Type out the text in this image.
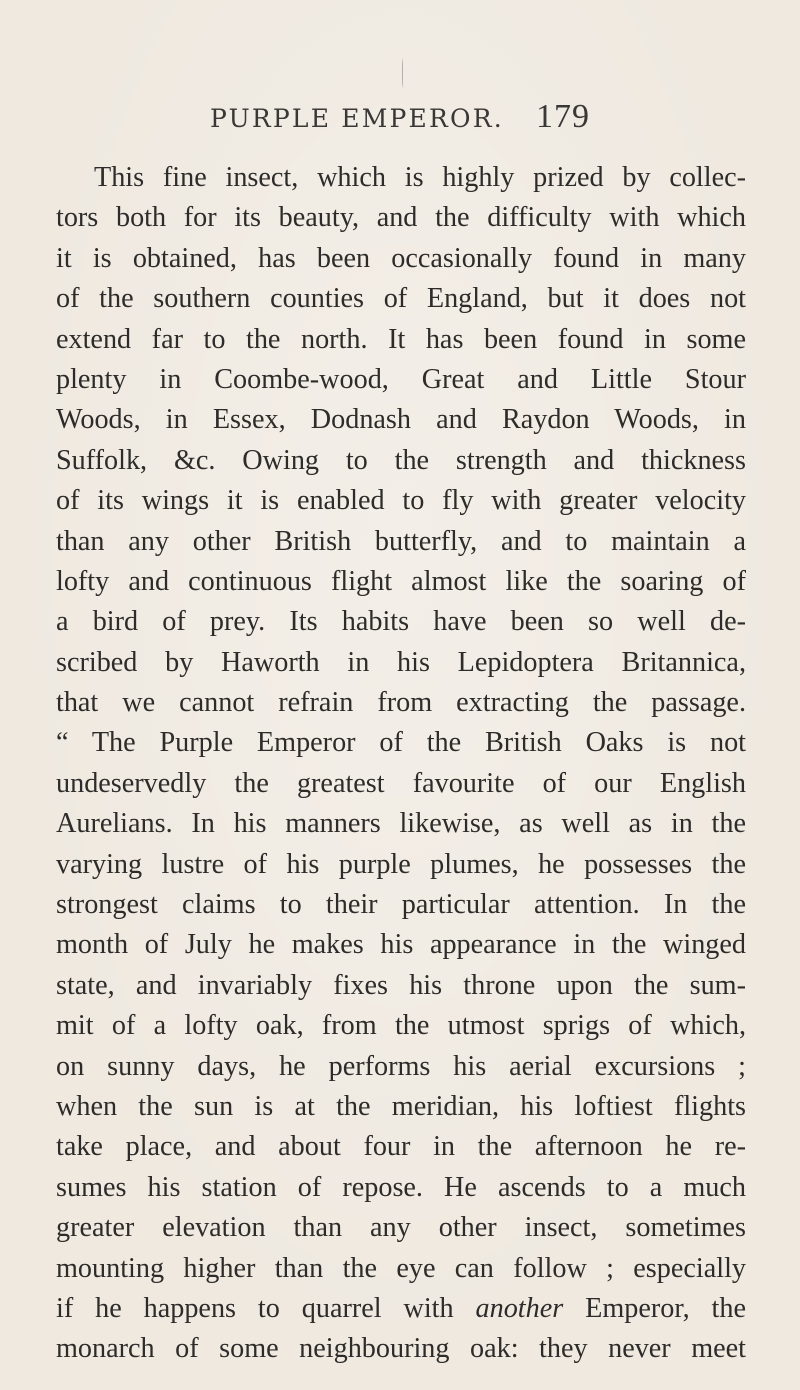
PURPLE EMPEROR. 179
This fine insect, which is highly prized by collec-
tors both for its beauty, and the difficulty with which
it is obtained, has been occasionally found in many
of the southern counties of England, but it does not
extend far to the north. It has been found in some
plenty in Coombe-wood, Great and Little Stour
Woods, in Essex, Dodnash and Raydon Woods, in
Suffolk, &c. Owing to the strength and thickness
of its wings it is enabled to fly with greater velocity
than any other British butterfly, and to maintain a
lofty and continuous flight almost like the soaring of
a bird of prey. Its habits have been so well de-
scribed by Haworth in his Lepidoptera Britannica,
that we cannot refrain from extracting the passage.
“ The Purple Emperor of the British Oaks is not
undeservedly the greatest favourite of our English
Aurelians. In his manners likewise, as well as in the
varying lustre of his purple plumes, he possesses the
strongest claims to their particular attention. In the
month of July he makes his appearance in the winged
state, and invariably fixes his throne upon the sum-
mit of a lofty oak, from the utmost sprigs of which,
on sunny days, he performs his aerial excursions ;
when the sun is at the meridian, his loftiest flights
take place, and about four in the afternoon he re-
sumes his station of repose. He ascends to a much
greater elevation than any other insect, sometimes
mounting higher than the eye can follow ; especially
if he happens to quarrel with another Emperor, the
monarch of some neighbouring oak: they never meet
